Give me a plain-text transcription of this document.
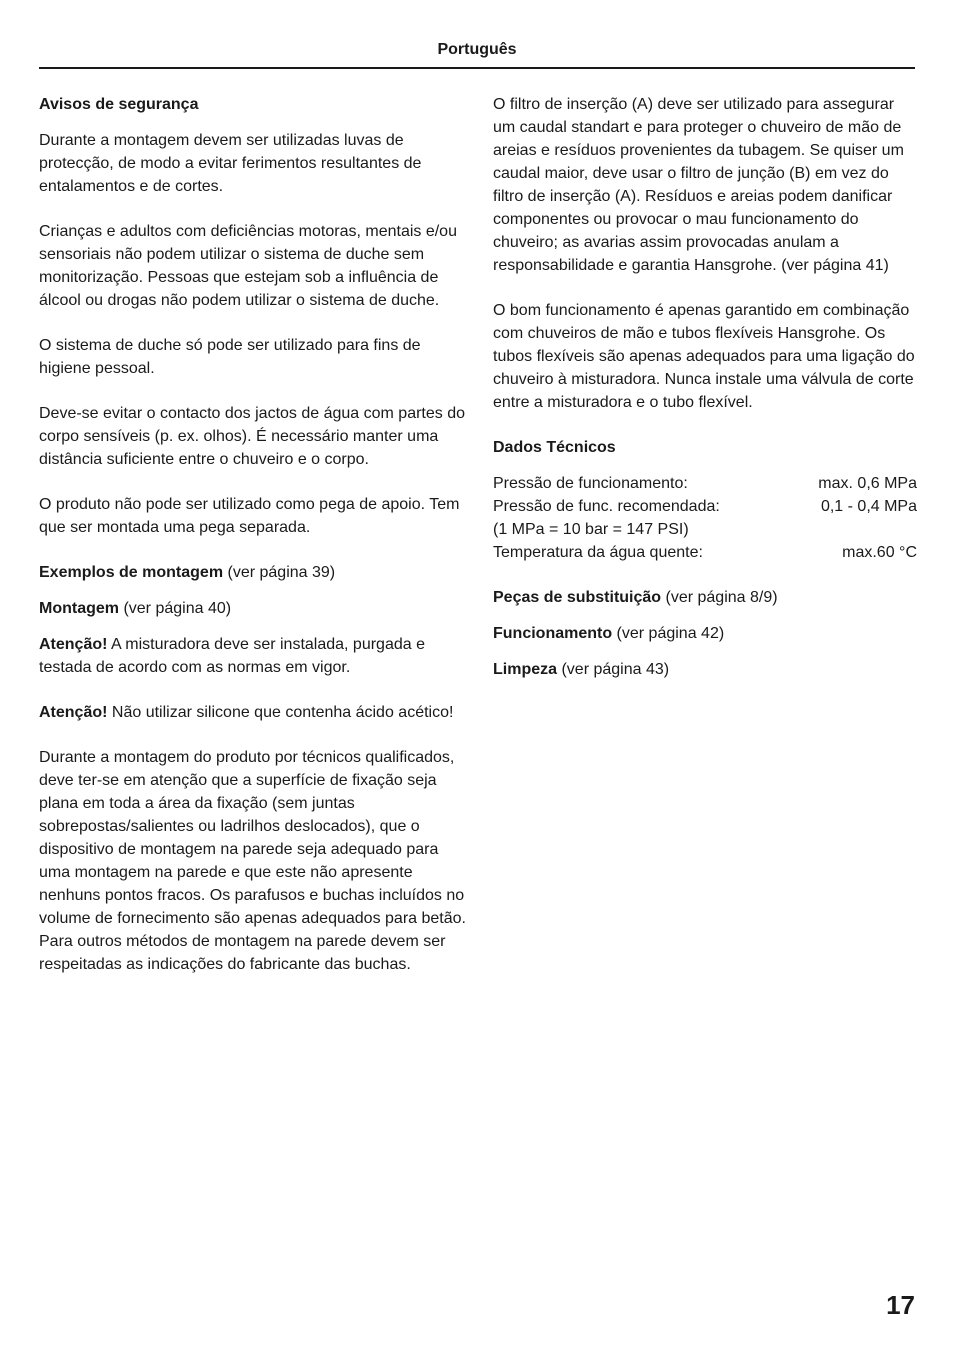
Português

Avisos de segurança

Durante a montagem devem ser utilizadas luvas de protecção, de modo a evitar ferimentos resultantes de entalamentos e de cortes.

Crianças e adultos com deficiências motoras, mentais e/ou sensoriais não podem utilizar o sistema de duche sem monitorização. Pessoas que estejam sob a influência de álcool ou drogas não podem utilizar o sistema de duche.

O sistema de duche só pode ser utilizado para fins de higiene pessoal.

Deve-se evitar o contacto dos jactos de água com partes do corpo sensíveis (p. ex. olhos). É necessário manter uma distância suficiente entre o chuveiro e o corpo.

O produto não pode ser utilizado como pega de apoio. Tem que ser montada uma pega separada.

Exemplos de montagem (ver página 39)

Montagem (ver página 40)

Atenção! A misturadora deve ser instalada, purgada e testada de acordo com as normas em vigor.

Atenção! Não utilizar silicone que contenha ácido acético!

Durante a montagem do produto por técnicos qualificados, deve ter-se em atenção que a superfície de fixação seja plana em toda a área da fixação (sem juntas sobrepostas/salientes ou ladrilhos deslocados), que o dispositivo de montagem na parede seja adequado para uma montagem na parede e que este não apresente nenhuns pontos fracos. Os parafusos e buchas incluídos no volume de fornecimento são apenas adequados para betão. Para outros métodos de montagem na parede devem ser respeitadas as indicações do fabricante das buchas.

O filtro de inserção (A) deve ser utilizado para assegurar um caudal standart e para proteger o chuveiro de mão de areias e resíduos provenientes da tubagem. Se quiser um caudal maior, deve usar o filtro de junção (B) em vez do filtro de inserção (A). Resíduos e areias podem danificar componentes ou provocar o mau funcionamento do chuveiro; as avarias assim provocadas anulam a responsabilidade e garantia Hansgrohe. (ver página 41)

O bom funcionamento é apenas garantido em combinação com chuveiros de mão e tubos flexíveis Hansgrohe. Os tubos flexíveis são apenas adequados para uma ligação do chuveiro à misturadora. Nunca instale uma válvula de corte entre a misturadora e o tubo flexível.

Dados Técnicos

Pressão de funcionamento:	max. 0,6 MPa
Pressão de func. recomendada:	0,1 - 0,4 MPa
(1 MPa = 10 bar = 147 PSI)
Temperatura da água quente:	max.60 °C

Peças de substituição (ver página 8/9)

Funcionamento (ver página 42)

Limpeza (ver página 43)

17
